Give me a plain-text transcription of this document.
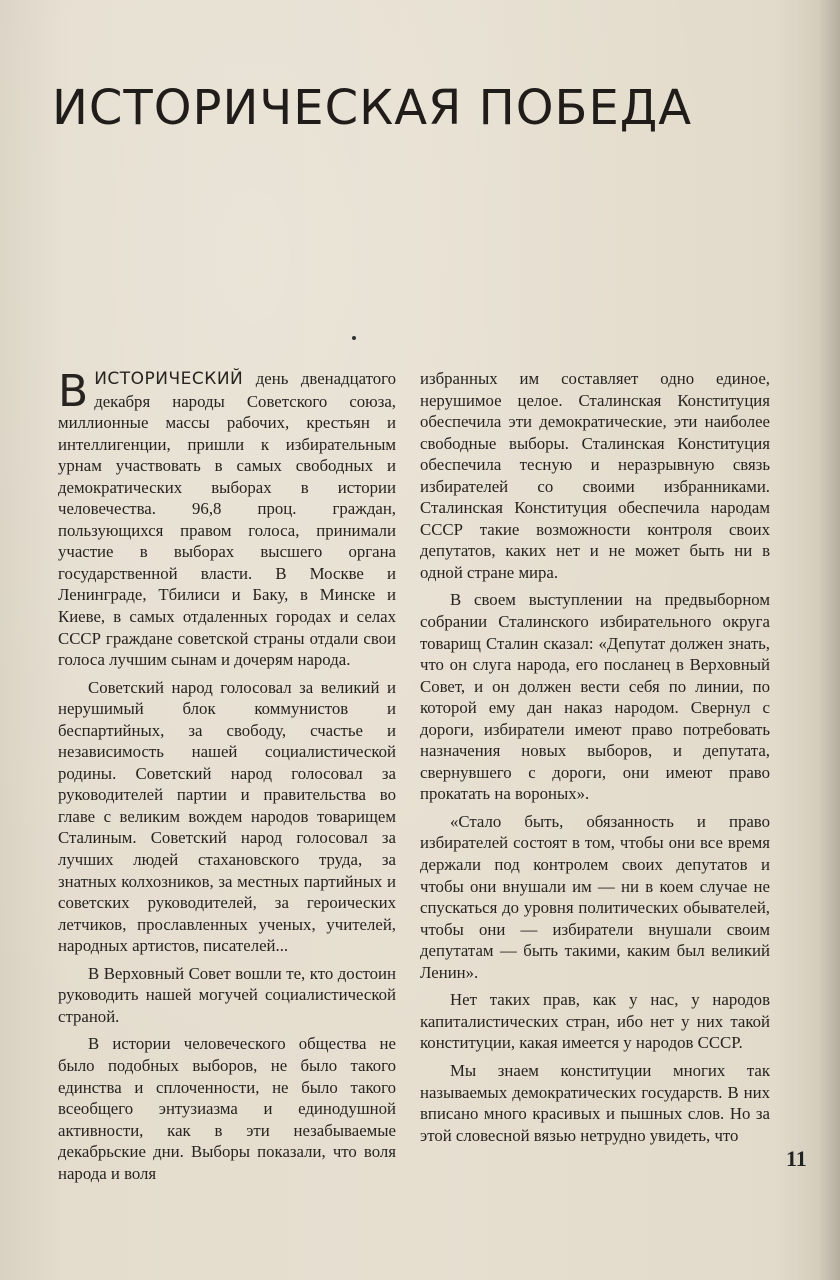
ИСТОРИЧЕСКАЯ ПОБЕДА

ВИСТОРИЧЕСКИЙ день двенадцатого декабря народы Советского союза, миллионные массы рабочих, крестьян и интеллигенции, пришли к избирательным урнам участвовать в самых свободных и демократических выборах в истории человечества. 96,8 проц. граждан, пользующихся правом голоса, принимали участие в выборах высшего органа государственной власти. В Москве и Ленинграде, Тбилиси и Баку, в Минске и Киеве, в самых отдаленных городах и селах СССР граждане советской страны отдали свои голоса лучшим сынам и дочерям народа.

Советский народ голосовал за великий и нерушимый блок коммунистов и беспартийных, за свободу, счастье и независимость нашей социалистической родины. Советский народ голосовал за руководителей партии и правительства во главе с великим вождем народов товарищем Сталиным. Советский народ голосовал за лучших людей стахановского труда, за знатных колхозников, за местных партийных и советских руководителей, за героических летчиков, прославленных ученых, учителей, народных артистов, писателей...

В Верховный Совет вошли те, кто достоин руководить нашей могучей социалистической страной.

В истории человеческого общества не было подобных выборов, не было такого единства и сплоченности, не было такого всеобщего энтузиазма и единодушной активности, как в эти незабываемые декабрьские дни. Выборы показали, что воля народа и воля

избранных им составляет одно единое, нерушимое целое. Сталинская Конституция обеспечила эти демократические, эти наиболее свободные выборы. Сталинская Конституция обеспечила тесную и неразрывную связь избирателей со своими избранниками. Сталинская Конституция обеспечила народам СССР такие возможности контроля своих депутатов, каких нет и не может быть ни в одной стране мира.

В своем выступлении на предвыборном собрании Сталинского избирательного округа товарищ Сталин сказал: «Депутат должен знать, что он слуга народа, его посланец в Верховный Совет, и он должен вести себя по линии, по которой ему дан наказ народом. Свернул с дороги, избиратели имеют право потребовать назначения новых выборов, и депутата, свернувшего с дороги, они имеют право прокатать на вороных».

«Стало быть, обязанность и право избирателей состоят в том, чтобы они все время держали под контролем своих депутатов и чтобы они внушали им — ни в коем случае не спускаться до уровня политических обывателей, чтобы они — избиратели внушали своим депутатам — быть такими, каким был великий Ленин».

Нет таких прав, как у нас, у народов капиталистических стран, ибо нет у них такой конституции, какая имеется у народов СССР.

Мы знаем конституции многих так называемых демократических государств. В них вписано много красивых и пышных слов. Но за этой словесной вязью нетрудно увидеть, что

11
